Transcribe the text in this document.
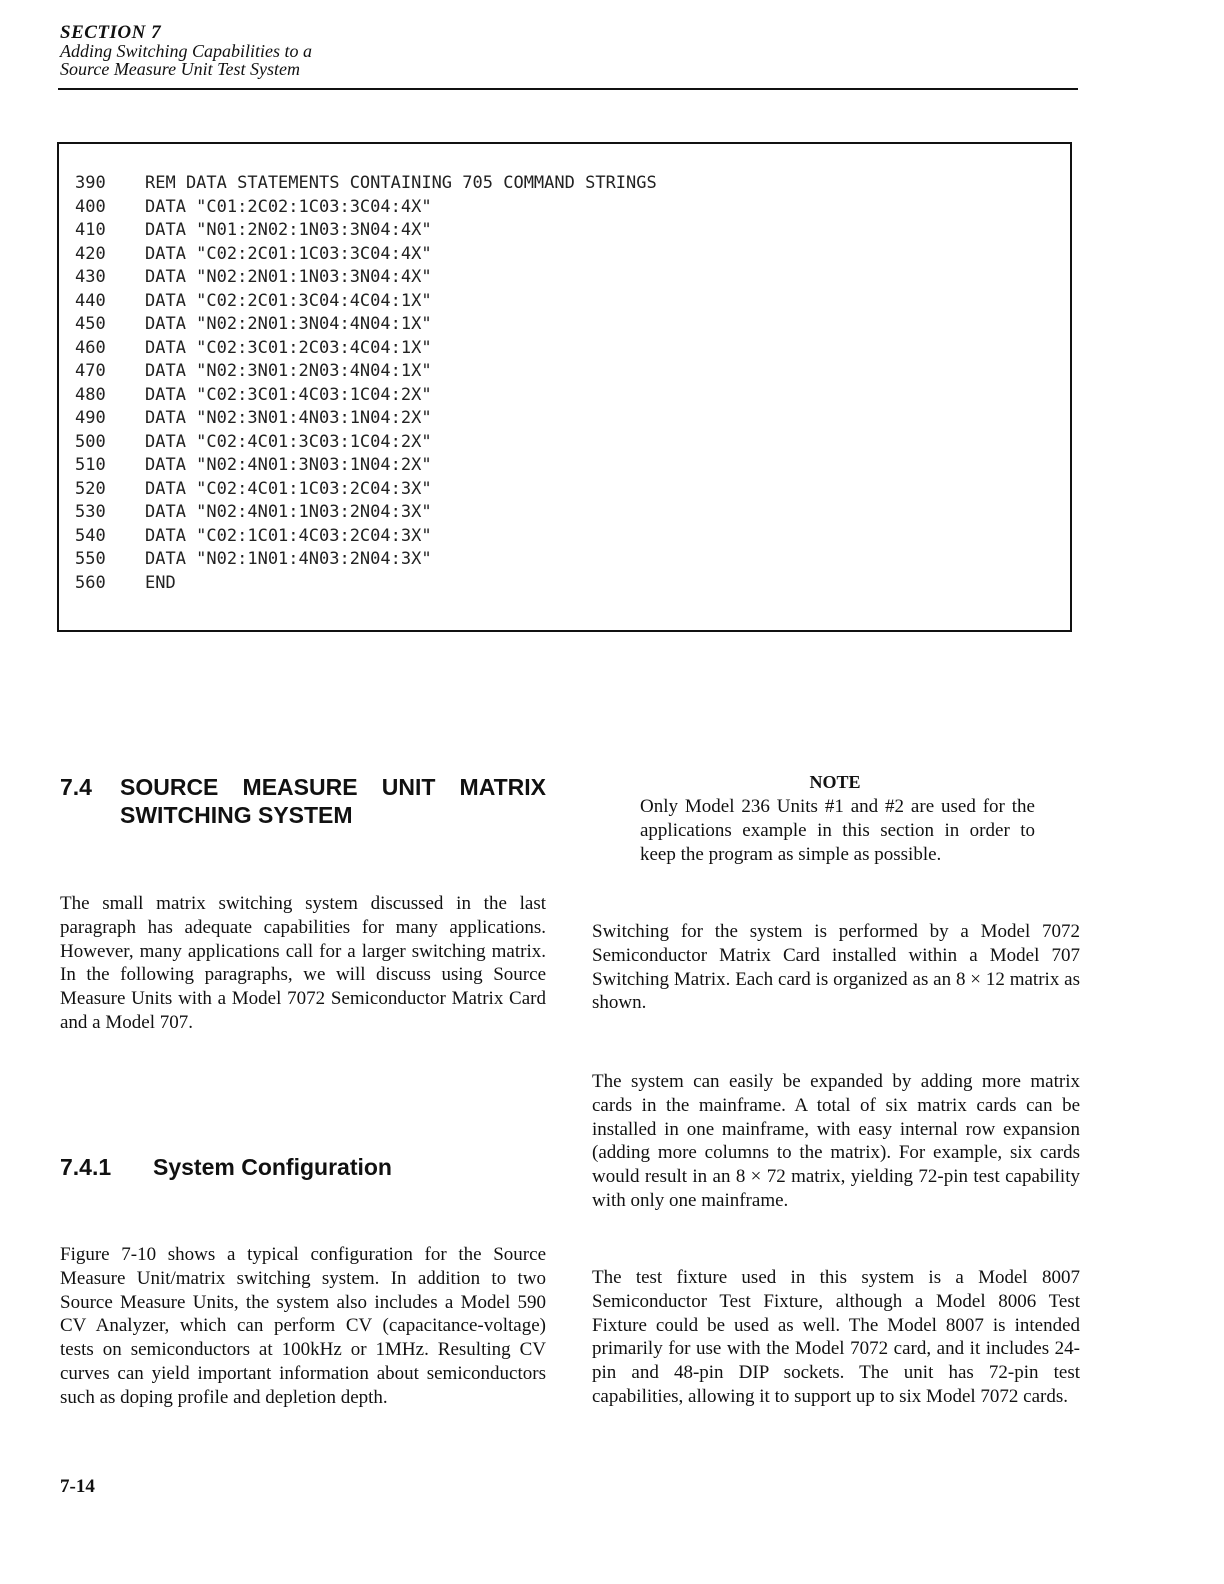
SECTION 7
Adding Switching Capabilities to a
Source Measure Unit Test System
390 REM DATA STATEMENTS CONTAINING 705 COMMAND STRINGS
400 DATA "C01:2C02:1C03:3C04:4X"
410 DATA "N01:2N02:1N03:3N04:4X"
420 DATA "C02:2C01:1C03:3C04:4X"
430 DATA "N02:2N01:1N03:3N04:4X"
440 DATA "C02:2C01:3C04:4C04:1X"
450 DATA "N02:2N01:3N04:4N04:1X"
460 DATA "C02:3C01:2C03:4C04:1X"
470 DATA "N02:3N01:2N03:4N04:1X"
480 DATA "C02:3C01:4C03:1C04:2X"
490 DATA "N02:3N01:4N03:1N04:2X"
500 DATA "C02:4C01:3C03:1C04:2X"
510 DATA "N02:4N01:3N03:1N04:2X"
520 DATA "C02:4C01:1C03:2C04:3X"
530 DATA "N02:4N01:1N03:2N04:3X"
540 DATA "C02:1C01:4C03:2C04:3X"
550 DATA "N02:1N01:4N03:2N04:3X"
560 END
7.4 SOURCE MEASURE UNIT MATRIX
SWITCHING SYSTEM
The small matrix switching system discussed in the last paragraph has adequate capabilities for many applications. However, many applications call for a larger switching matrix. In the following paragraphs, we will discuss using Source Measure Units with a Model 7072 Semiconductor Matrix Card and a Model 707.
7.4.1 System Configuration
Figure 7-10 shows a typical configuration for the Source Measure Unit/matrix switching system. In addition to two Source Measure Units, the system also includes a Model 590 CV Analyzer, which can perform CV (capacitance-voltage) tests on semiconductors at 100kHz or 1MHz. Resulting CV curves can yield important information about semiconductors such as doping profile and depletion depth.
NOTE
Only Model 236 Units #1 and #2 are used for the applications example in this section in order to keep the program as simple as possible.
Switching for the system is performed by a Model 7072 Semiconductor Matrix Card installed within a Model 707 Switching Matrix. Each card is organized as an 8 × 12 matrix as shown.
The system can easily be expanded by adding more matrix cards in the mainframe. A total of six matrix cards can be installed in one mainframe, with easy internal row expansion (adding more columns to the matrix). For example, six cards would result in an 8 × 72 matrix, yielding 72-pin test capability with only one mainframe.
The test fixture used in this system is a Model 8007 Semiconductor Test Fixture, although a Model 8006 Test Fixture could be used as well. The Model 8007 is intended primarily for use with the Model 7072 card, and it includes 24-pin and 48-pin DIP sockets. The unit has 72-pin test capabilities, allowing it to support up to six Model 7072 cards.
7-14
